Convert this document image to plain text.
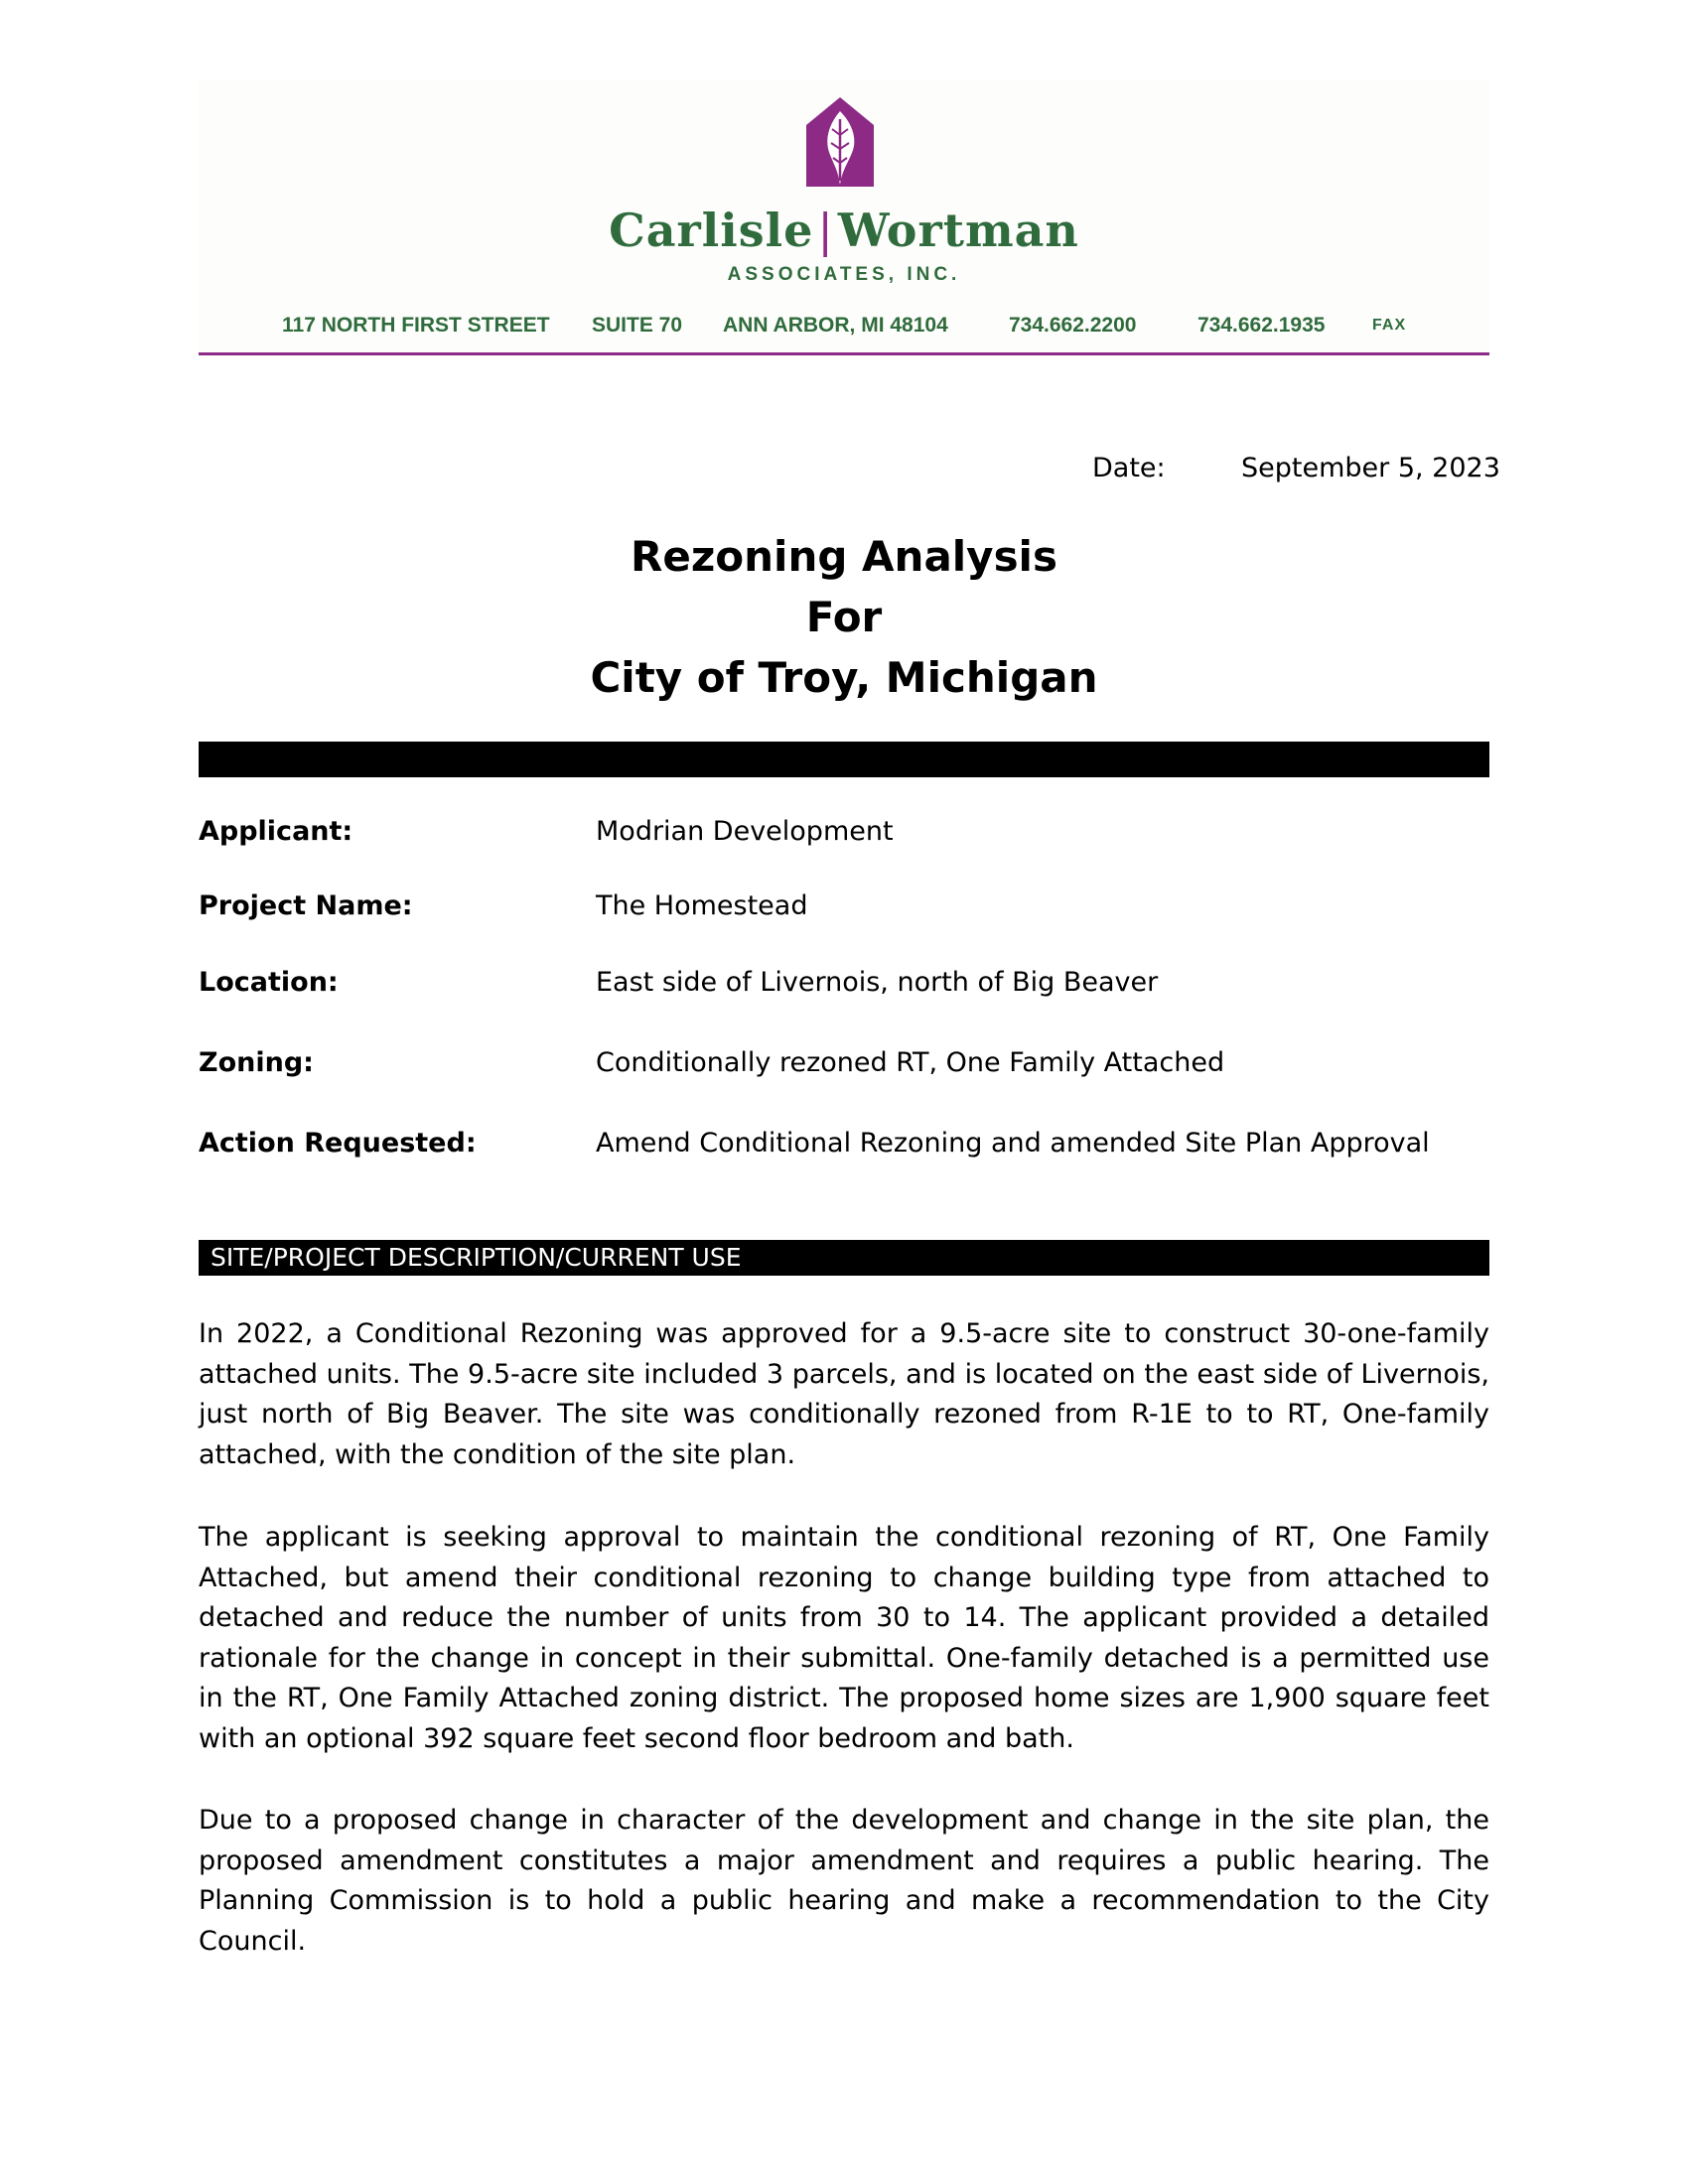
Carlisle|Wortman
ASSOCIATES, INC.
117 NORTH FIRST STREET SUITE 70 ANN ARBOR, MI 48104	734.662.2200	734.662.1935	FAX
Date:	September 5, 2023
Rezoning Analysis
For
City of Troy, Michigan
Applicant:	Modrian Development
Project Name:	The Homestead
Location:	East side of Livernois, north of Big Beaver
Zoning:	Conditionally rezoned RT, One Family Attached
Action Requested:	Amend Conditional Rezoning and amended Site Plan Approval
SITE/PROJECT DESCRIPTION/CURRENT USE

In 2022, a Conditional Rezoning was approved for a 9.5-acre site to construct 30-one-family attached units. The 9.5-acre site included 3 parcels, and is located on the east side of Livernois, just north of Big Beaver. The site was conditionally rezoned from R-1E to to RT, One-family attached, with the condition of the site plan.

The applicant is seeking approval to maintain the conditional rezoning of RT, One Family Attached, but amend their conditional rezoning to change building type from attached to detached and reduce the number of units from 30 to 14. The applicant provided a detailed rationale for the change in concept in their submittal. One-family detached is a permitted use in the RT, One Family Attached zoning district. The proposed home sizes are 1,900 square feet with an optional 392 square feet second floor bedroom and bath.

Due to a proposed change in character of the development and change in the site plan, the proposed amendment constitutes a major amendment and requires a public hearing. The Planning Commission is to hold a public hearing and make a recommendation to the City Council.
